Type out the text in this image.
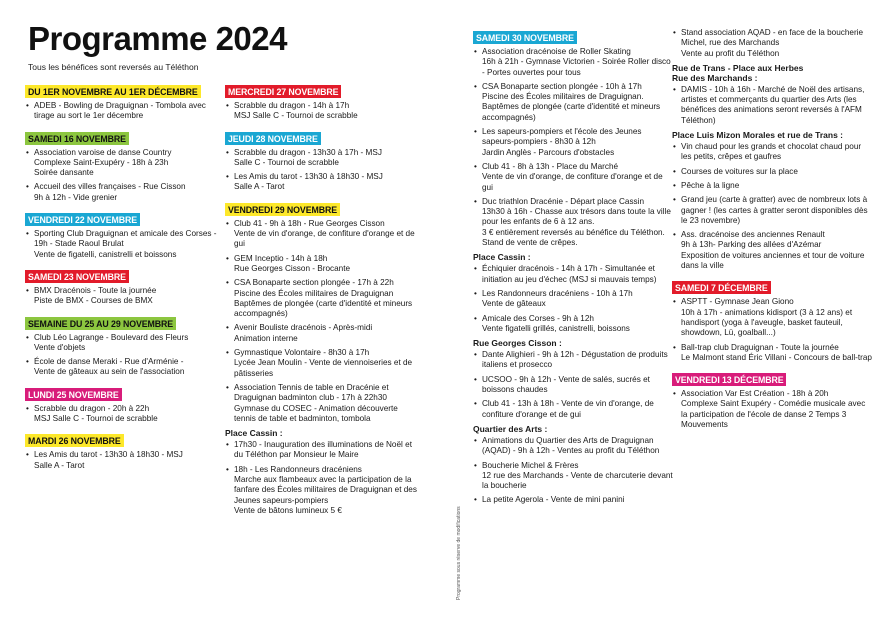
Programme 2024
Tous les bénéfices sont reversés au Téléthon
Programme sous réserve de modifications
DU 1ER NOVEMBRE AU 1ER DÉCEMBRE
• ADEB - Bowling de Draguignan - Tombola avec tirage au sort le 1er décembre
SAMEDI 16 NOVEMBRE
• Association varoise de danse Country
Complexe Saint-Exupéry - 18h à 23h
Soirée dansante
• Accueil des villes françaises - Rue Cisson
9h à 12h - Vide grenier
VENDREDI 22 NOVEMBRE
• Sporting Club Draguignan et amicale des Corses - 19h - Stade Raoul Brulat
Vente de figatelli, canistrelli et boissons
SAMEDI 23 NOVEMBRE
• BMX Dracénois - Toute la journée
Piste de BMX - Courses de BMX
SEMAINE DU 25 AU 29 NOVEMBRE
• Club Léo Lagrange - Boulevard des Fleurs
Vente d'objets
• École de danse Meraki - Rue d'Arménie -
Vente de gâteaux au sein de l'association
LUNDI 25 NOVEMBRE
• Scrabble du dragon - 20h à 22h
MSJ Salle C - Tournoi de scrabble
MARDI 26 NOVEMBRE
• Les Amis du tarot - 13h30 à 18h30 - MSJ
Salle A - Tarot
MERCREDI 27 NOVEMBRE
• Scrabble du dragon - 14h à 17h
MSJ Salle C - Tournoi de scrabble
JEUDI 28 NOVEMBRE
• Scrabble du dragon - 13h30 à 17h - MSJ
Salle C - Tournoi de scrabble
• Les Amis du tarot - 13h30 à 18h30 - MSJ
Salle A - Tarot
VENDREDI 29 NOVEMBRE
• Club 41 - 9h à 18h - Rue Georges Cisson
Vente de vin d'orange, de confiture d'orange et de gui
• GEM Inceptio - 14h à 18h
Rue Georges Cisson - Brocante
• CSA Bonaparte section plongée - 17h à 22h
Piscine des Écoles militaires de Draguignan
Baptêmes de plongée (carte d'identité et mineurs accompagnés)
• Avenir Bouliste dracénois - Après-midi
Animation interne
• Gymnastique Volontaire - 8h30 à 17h
Lycée Jean Moulin - Vente de viennoiseries et de pâtisseries
• Association Tennis de table en Dracénie et Draguignan badminton club - 17h à 22h30
Gymnase du COSEC - Animation découverte tennis de table et badminton, tombola
Place Cassin :
• 17h30 - Inauguration des illuminations de Noël et du Téléthon par Monsieur le Maire
• 18h - Les Randonneurs dracéniens
Marche aux flambeaux avec la participation de la fanfare des Écoles militaires de Draguignan et des Jeunes sapeurs-pompiers
Vente de bâtons lumineux 5 €
SAMEDI 30 NOVEMBRE
• Association dracénoise de Roller Skating
16h à 21h - Gymnase Victorien - Soirée Roller disco - Portes ouvertes pour tous
• CSA Bonaparte section plongée - 10h à 17h
Piscine des Écoles militaires de Draguignan.
Baptêmes de plongée (carte d'identité et mineurs accompagnés)
• Les sapeurs-pompiers et l'école des Jeunes sapeurs-pompiers - 8h30 à 12h
Jardin Anglès - Parcours d'obstacles
• Club 41 - 8h à 13h - Place du Marché
Vente de vin d'orange, de confiture d'orange et de gui
• Duc triathlon Dracénie - Départ place Cassin
13h30 à 16h - Chasse aux trésors dans toute la ville pour les enfants de 6 à 12 ans.
3 € entièrement reversés au bénéfice du Téléthon. Stand de vente de crêpes.
Place Cassin :
• Échiquier dracénois - 14h à 17h - Simultanée et initiation au jeu d'échec (MSJ si mauvais temps)
• Les Randonneurs dracéniens - 10h à 17h
Vente de gâteaux
• Amicale des Corses - 9h à 12h
Vente figatelli grillés, canistrelli, boissons
Rue Georges Cisson :
• Dante Alighieri - 9h à 12h - Dégustation de produits italiens et prosecco
• UCSOO - 9h à 12h - Vente de salés, sucrés et boissons chaudes
• Club 41 - 13h à 18h - Vente de vin d'orange, de confiture d'orange et de gui
Quartier des Arts :
• Animations du Quartier des Arts de Draguignan (AQAD) - 9h à 12h - Ventes au profit du Téléthon
• Boucherie Michel & Frères
12 rue des Marchands - Vente de charcuterie devant la boucherie
• La petite Agerola - Vente de mini panini
• Stand association AQAD - en face de la boucherie Michel, rue des Marchands
Vente au profit du Téléthon
Rue de Trans - Place aux Herbes
Rue des Marchands :
• DAMIS - 10h à 16h - Marché de Noël des artisans, artistes et commerçants du quartier des Arts (les bénéfices des animations seront reversés à l'AFM Téléthon)
Place Luis Mizon Morales et rue de Trans :
• Vin chaud pour les grands et chocolat chaud pour les petits, crêpes et gaufres
• Courses de voitures sur la place
• Pêche à la ligne
• Grand jeu (carte à gratter) avec de nombreux lots à gagner ! (les cartes à gratter seront disponibles dès le 23 novembre)
• Ass. dracénoise des anciennes Renault
9h à 13h- Parking des allées d'Azémar
Exposition de voitures anciennes et tour de voiture dans la ville
SAMEDI 7 DÉCEMBRE
• ASPTT - Gymnase Jean Giono
10h à 17h - animations kidisport (3 à 12 ans) et handisport (yoga à l'aveugle, basket fauteuil, showdown, Lü, goalball...)
• Ball-trap club Draguignan - Toute la journée
Le Malmont stand Éric Villani - Concours de ball-trap
VENDREDI 13 DÉCEMBRE
• Association Var Est Création - 18h à 20h
Complexe Saint Exupéry - Comédie musicale avec la participation de l'école de danse 2 Temps 3 Mouvements
